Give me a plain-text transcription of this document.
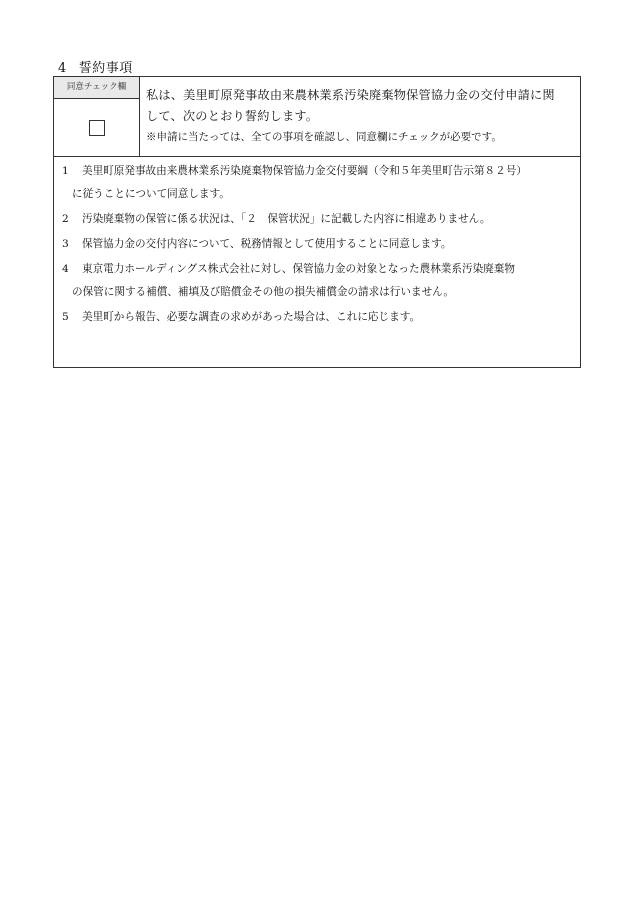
4 誓約事項
同意チェック欄
私は、美里町原発事故由来農林業系汚染廃棄物保管協力金の交付申請に関
して、次のとおり誓約します。
※申請に当たっては、全ての事項を確認し、同意欄にチェックが必要です。
1 美里町原発事故由来農林業系汚染廃棄物保管協力金交付要綱（令和５年美里町告示第８２号）
に従うことについて同意します。
2 汚染廃棄物の保管に係る状況は、「２　保管状況」に記載した内容に相違ありません。
3 保管協力金の交付内容について、税務情報として使用することに同意します。
4 東京電力ホールディングス株式会社に対し、保管協力金の対象となった農林業系汚染廃棄物
の保管に関する補償、補填及び賠償金その他の損失補償金の請求は行いません。
5 美里町から報告、必要な調査の求めがあった場合は、これに応じます。
